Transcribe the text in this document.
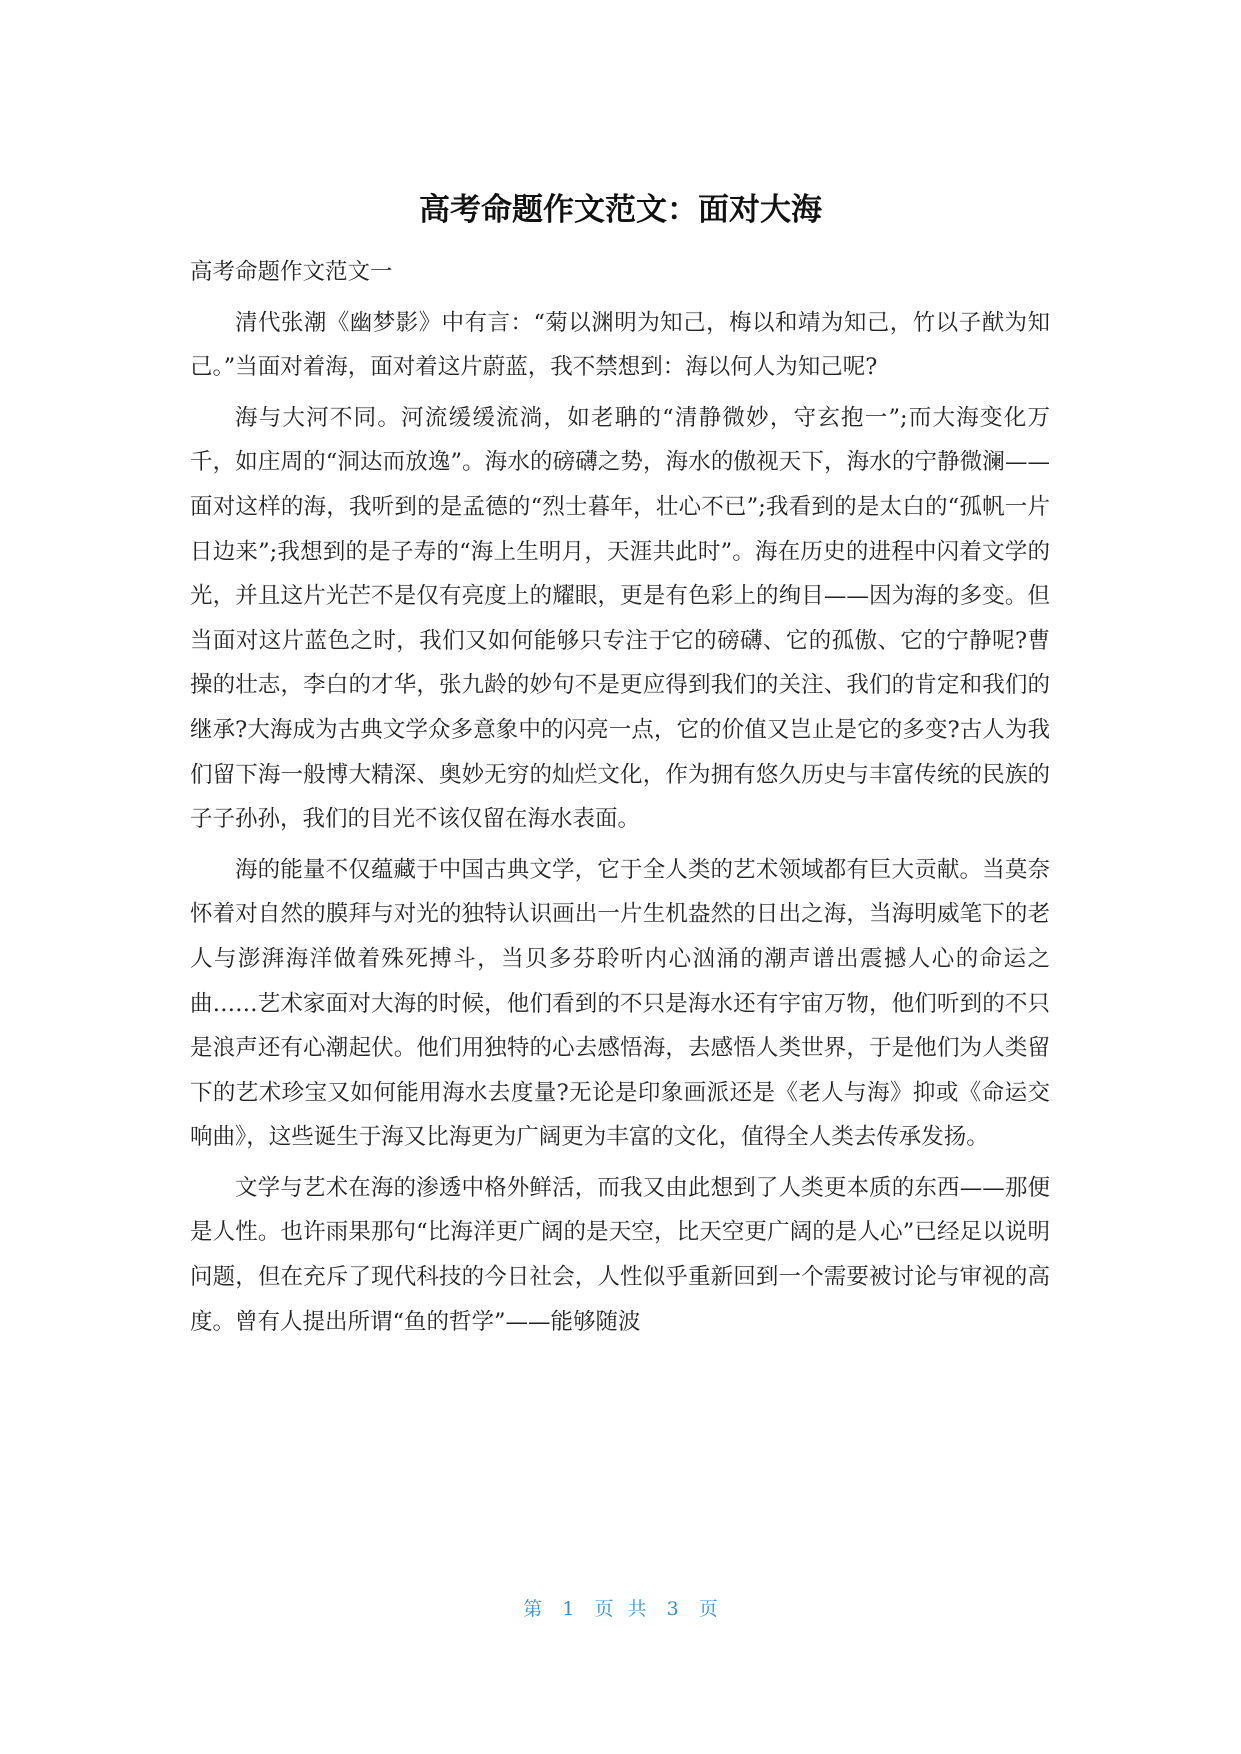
高考命题作文范文：面对大海

高考命题作文范文一

清代张潮《幽梦影》中有言：“菊以渊明为知己，梅以和靖为知己，竹以子猷为知己。”当面对着海，面对着这片蔚蓝，我不禁想到：海以何人为知己呢?

海与大河不同。河流缓缓流淌，如老聃的“清静微妙，守玄抱一”;而大海变化万千，如庄周的“洞达而放逸”。海水的磅礴之势，海水的傲视天下，海水的宁静微澜——面对这样的海，我听到的是孟德的“烈士暮年，壮心不已”;我看到的是太白的“孤帆一片日边来”;我想到的是子寿的“海上生明月，天涯共此时”。海在历史的进程中闪着文学的光，并且这片光芒不是仅有亮度上的耀眼，更是有色彩上的绚目——因为海的多变。但当面对这片蓝色之时，我们又如何能够只专注于它的磅礴、它的孤傲、它的宁静呢?曹操的壮志，李白的才华，张九龄的妙句不是更应得到我们的关注、我们的肯定和我们的继承?大海成为古典文学众多意象中的闪亮一点，它的价值又岂止是它的多变?古人为我们留下海一般博大精深、奥妙无穷的灿烂文化，作为拥有悠久历史与丰富传统的民族的子子孙孙，我们的目光不该仅留在海水表面。

海的能量不仅蕴藏于中国古典文学，它于全人类的艺术领域都有巨大贡献。当莫奈怀着对自然的膜拜与对光的独特认识画出一片生机盎然的日出之海，当海明威笔下的老人与澎湃海洋做着殊死搏斗，当贝多芬聆听内心汹涌的潮声谱出震撼人心的命运之曲……艺术家面对大海的时候，他们看到的不只是海水还有宇宙万物，他们听到的不只是浪声还有心潮起伏。他们用独特的心去感悟海，去感悟人类世界，于是他们为人类留下的艺术珍宝又如何能用海水去度量?无论是印象画派还是《老人与海》抑或《命运交响曲》，这些诞生于海又比海更为广阔更为丰富的文化，值得全人类去传承发扬。

文学与艺术在海的渗透中格外鲜活，而我又由此想到了人类更本质的东西——那便是人性。也许雨果那句“比海洋更广阔的是天空，比天空更广阔的是人心”已经足以说明问题，但在充斥了现代科技的今日社会，人性似乎重新回到一个需要被讨论与审视的高度。曾有人提出所谓“鱼的哲学”——能够随波

第 1 页 共 3 页
